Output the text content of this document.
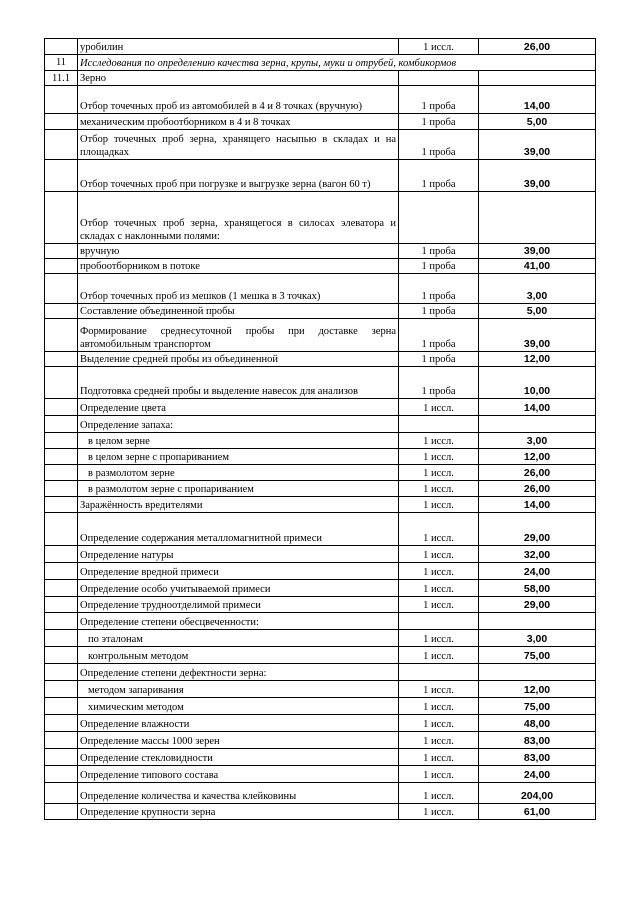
	уробилин	1 иссл.	26,00
11	Исследования по определению качества зерна, крупы, муки и отрубей, комбикормов		
11.1	Зерно		
	Отбор точечных проб из автомобилей в 4 и 8 точках (вручную)	1 проба	14,00
	механическим пробоотборником в 4 и 8 точках	1 проба	5,00
	Отбор точечных проб зерна, хранящего насыпью в складах и на площадках	1 проба	39,00
	Отбор точечных проб при погрузке и выгрузке зерна (вагон 60 т)	1 проба	39,00
	Отбор точечных проб зерна, хранящегося в силосах элеватора и складах с наклонными полями:		
	вручную	1 проба	39,00
	пробоотборником в потоке	1 проба	41,00
	Отбор точечных проб из мешков (1 мешка в 3 точках)	1 проба	3,00
	Составление объединенной пробы	1 проба	5,00
	Формирование среднесуточной пробы при доставке зерна автомобильным транспортом	1 проба	39,00
	Выделение средней пробы из объединенной	1 проба	12,00
	Подготовка средней пробы и выделение навесок для анализов	1 проба	10,00
	Определение цвета	1 иссл.	14,00
	Определение запаха:		
	в целом зерне	1 иссл.	3,00
	в целом зерне с пропариванием	1 иссл.	12,00
	в размолотом зерне	1 иссл.	26,00
	в размолотом зерне с пропариванием	1 иссл.	26,00
	Заражённость вредителями	1 иссл.	14,00
	Определение содержания металломагнитной примеси	1 иссл.	29,00
	Определение натуры	1 иссл.	32,00
	Определение вредной примеси	1 иссл.	24,00
	Определение особо учитываемой примеси	1 иссл.	58,00
	Определение трудноотделимой примеси	1 иссл.	29,00
	Определение степени обесцвеченности:		
	по эталонам	1 иссл.	3,00
	контрольным методом	1 иссл.	75,00
	Определение степени дефектности зерна:		
	методом запаривания	1 иссл.	12,00
	химическим методом	1 иссл.	75,00
	Определение влажности	1 иссл.	48,00
	Определение массы 1000 зерен	1 иссл.	83,00
	Определение стекловидности	1 иссл.	83,00
	Определение типового состава	1 иссл.	24,00
	Определение количества и качества клейковины	1 иссл.	204,00
	Определение крупности зерна	1 иссл.	61,00
